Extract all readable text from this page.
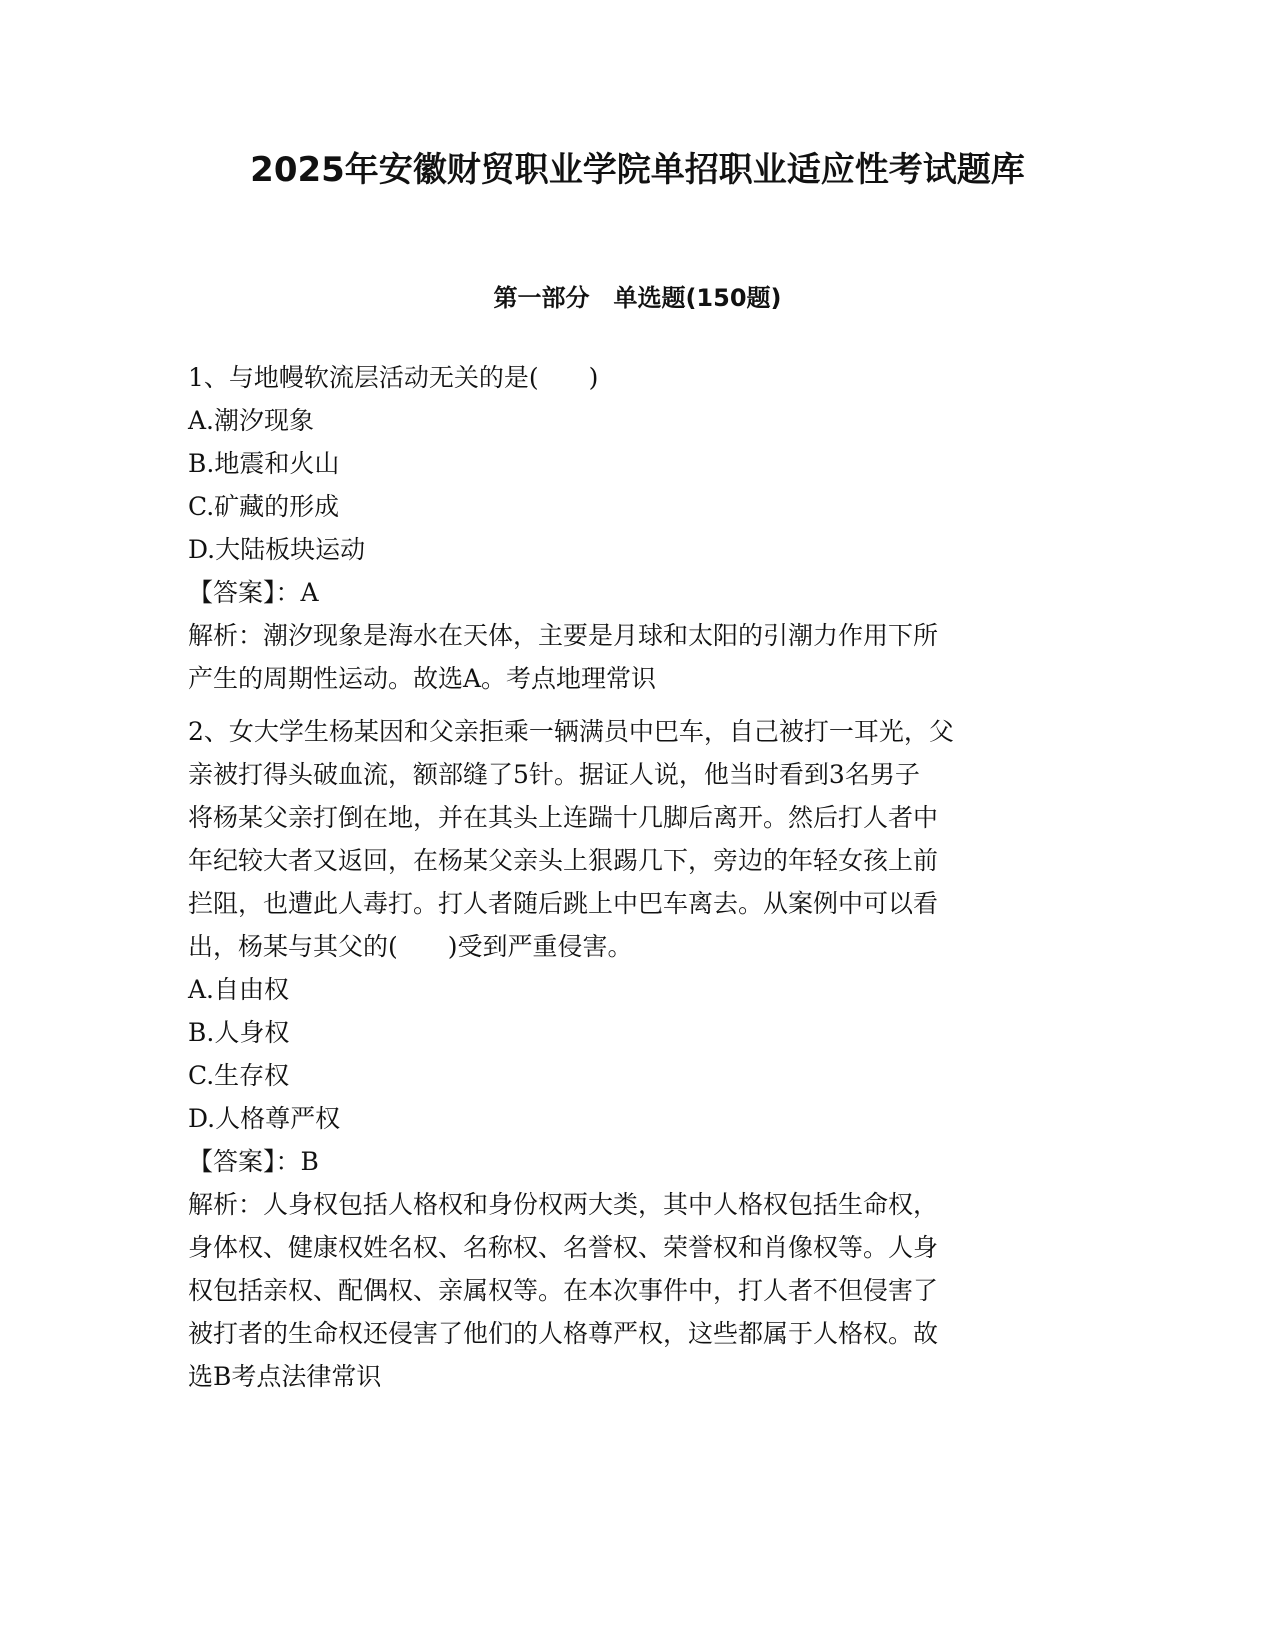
2025年安徽财贸职业学院单招职业适应性考试题库
第一部分　单选题(150题)
1、与地幔软流层活动无关的是(　　)
A.潮汐现象
B.地震和火山
C.矿藏的形成
D.大陆板块运动
【答案】：A
解析：潮汐现象是海水在天体，主要是月球和太阳的引潮力作用下所
产生的周期性运动。故选A。考点地理常识
2、女大学生杨某因和父亲拒乘一辆满员中巴车，自己被打一耳光，父
亲被打得头破血流，额部缝了5针。据证人说，他当时看到3名男子
将杨某父亲打倒在地，并在其头上连踹十几脚后离开。然后打人者中
年纪较大者又返回，在杨某父亲头上狠踢几下，旁边的年轻女孩上前
拦阻，也遭此人毒打。打人者随后跳上中巴车离去。从案例中可以看
出，杨某与其父的(　　)受到严重侵害。
A.自由权
B.人身权
C.生存权
D.人格尊严权
【答案】：B
解析：人身权包括人格权和身份权两大类，其中人格权包括生命权，
身体权、健康权姓名权、名称权、名誉权、荣誉权和肖像权等。人身
权包括亲权、配偶权、亲属权等。在本次事件中，打人者不但侵害了
被打者的生命权还侵害了他们的人格尊严权，这些都属于人格权。故
选B考点法律常识
